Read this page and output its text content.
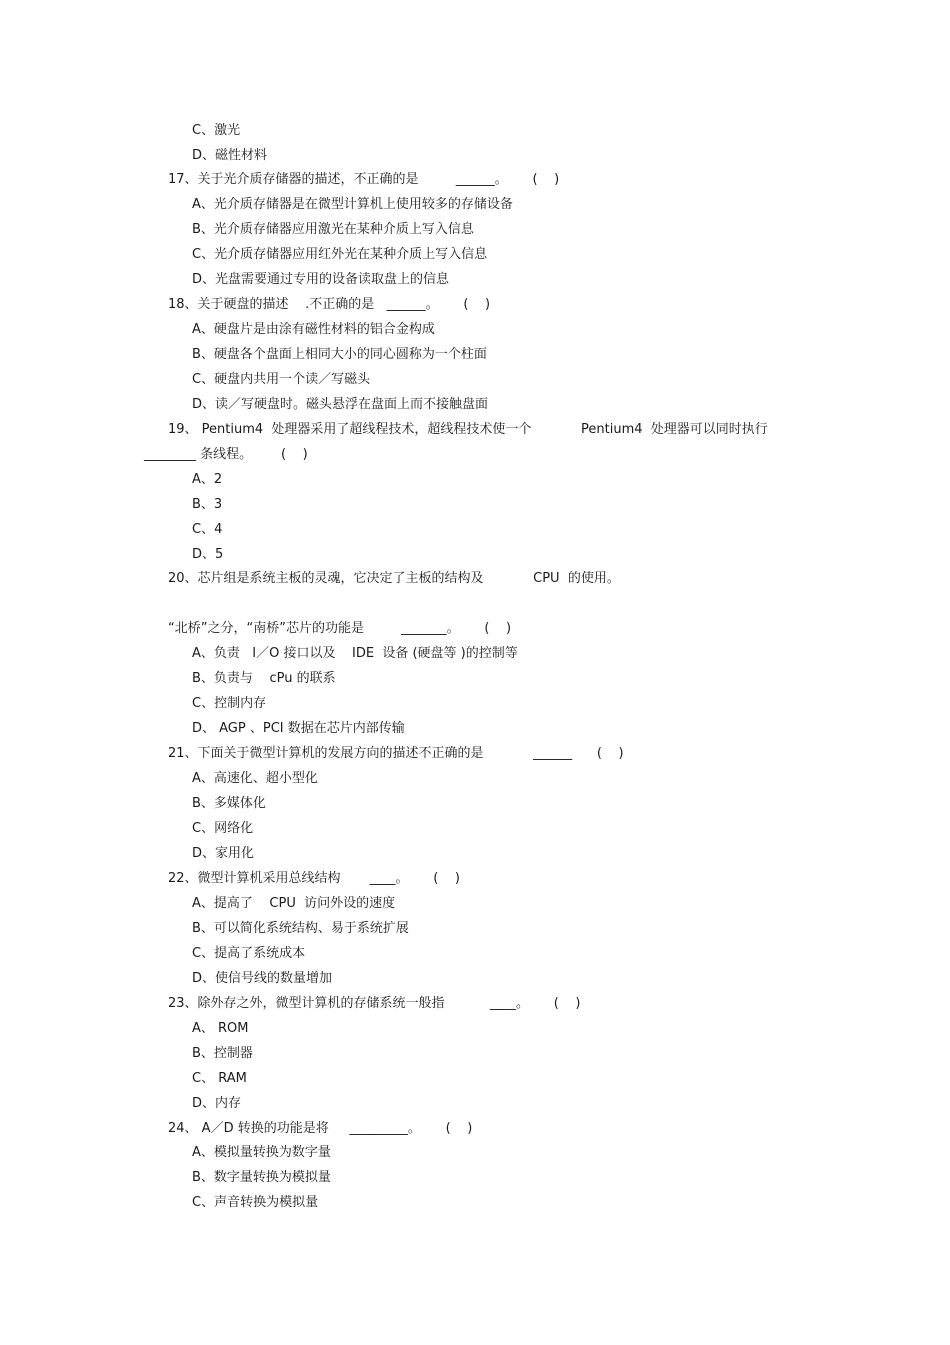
C、激光
D、磁性材料
17、关于光介质存储器的描述，不正确的是         ______。      (    )
A、光介质存储器是在微型计算机上使用较多的存储设备
B、光介质存储器应用激光在某种介质上写入信息
C、光介质存储器应用红外光在某种介质上写入信息
D、光盘需要通过专用的设备读取盘上的信息
18、关于硬盘的描述    .不正确的是   ______。      (    )
A、硬盘片是由涂有磁性材料的铝合金构成
B、硬盘各个盘面上相同大小的同心圆称为一个柱面
C、硬盘内共用一个读／写磁头
D、读／写硬盘时。磁头悬浮在盘面上而不接触盘面
19、 Pentium4  处理器采用了超线程技术，超线程技术使一个            Pentium4  处理器可以同时执行
________ 条线程。       (    )
A、2
B、3
C、4
D、5
20、芯片组是系统主板的灵魂，它决定了主板的结构及            CPU  的使用。
“北桥”之分，“南桥”芯片的功能是         _______。      (    )
A、负责   I／O 接口以及    IDE  设备 (硬盘等 )的控制等
B、负责与    cPu 的联系
C、控制内存
D、 AGP 、PCI 数据在芯片内部传输
21、下面关于微型计算机的发展方向的描述不正确的是            ______      (    )
A、高速化、超小型化
B、多媒体化
C、网络化
D、家用化
22、微型计算机采用总线结构       ____。      (    )
A、提高了    CPU  访问外设的速度
B、可以简化系统结构、易于系统扩展
C、提高了系统成本
D、使信号线的数量增加
23、除外存之外，微型计算机的存储系统一般指           ____。      (    )
A、 ROM
B、控制器
C、 RAM
D、内存
24、 A／D 转换的功能是将     _________。      (    )
A、模拟量转换为数字量
B、数字量转换为模拟量
C、声音转换为模拟量
